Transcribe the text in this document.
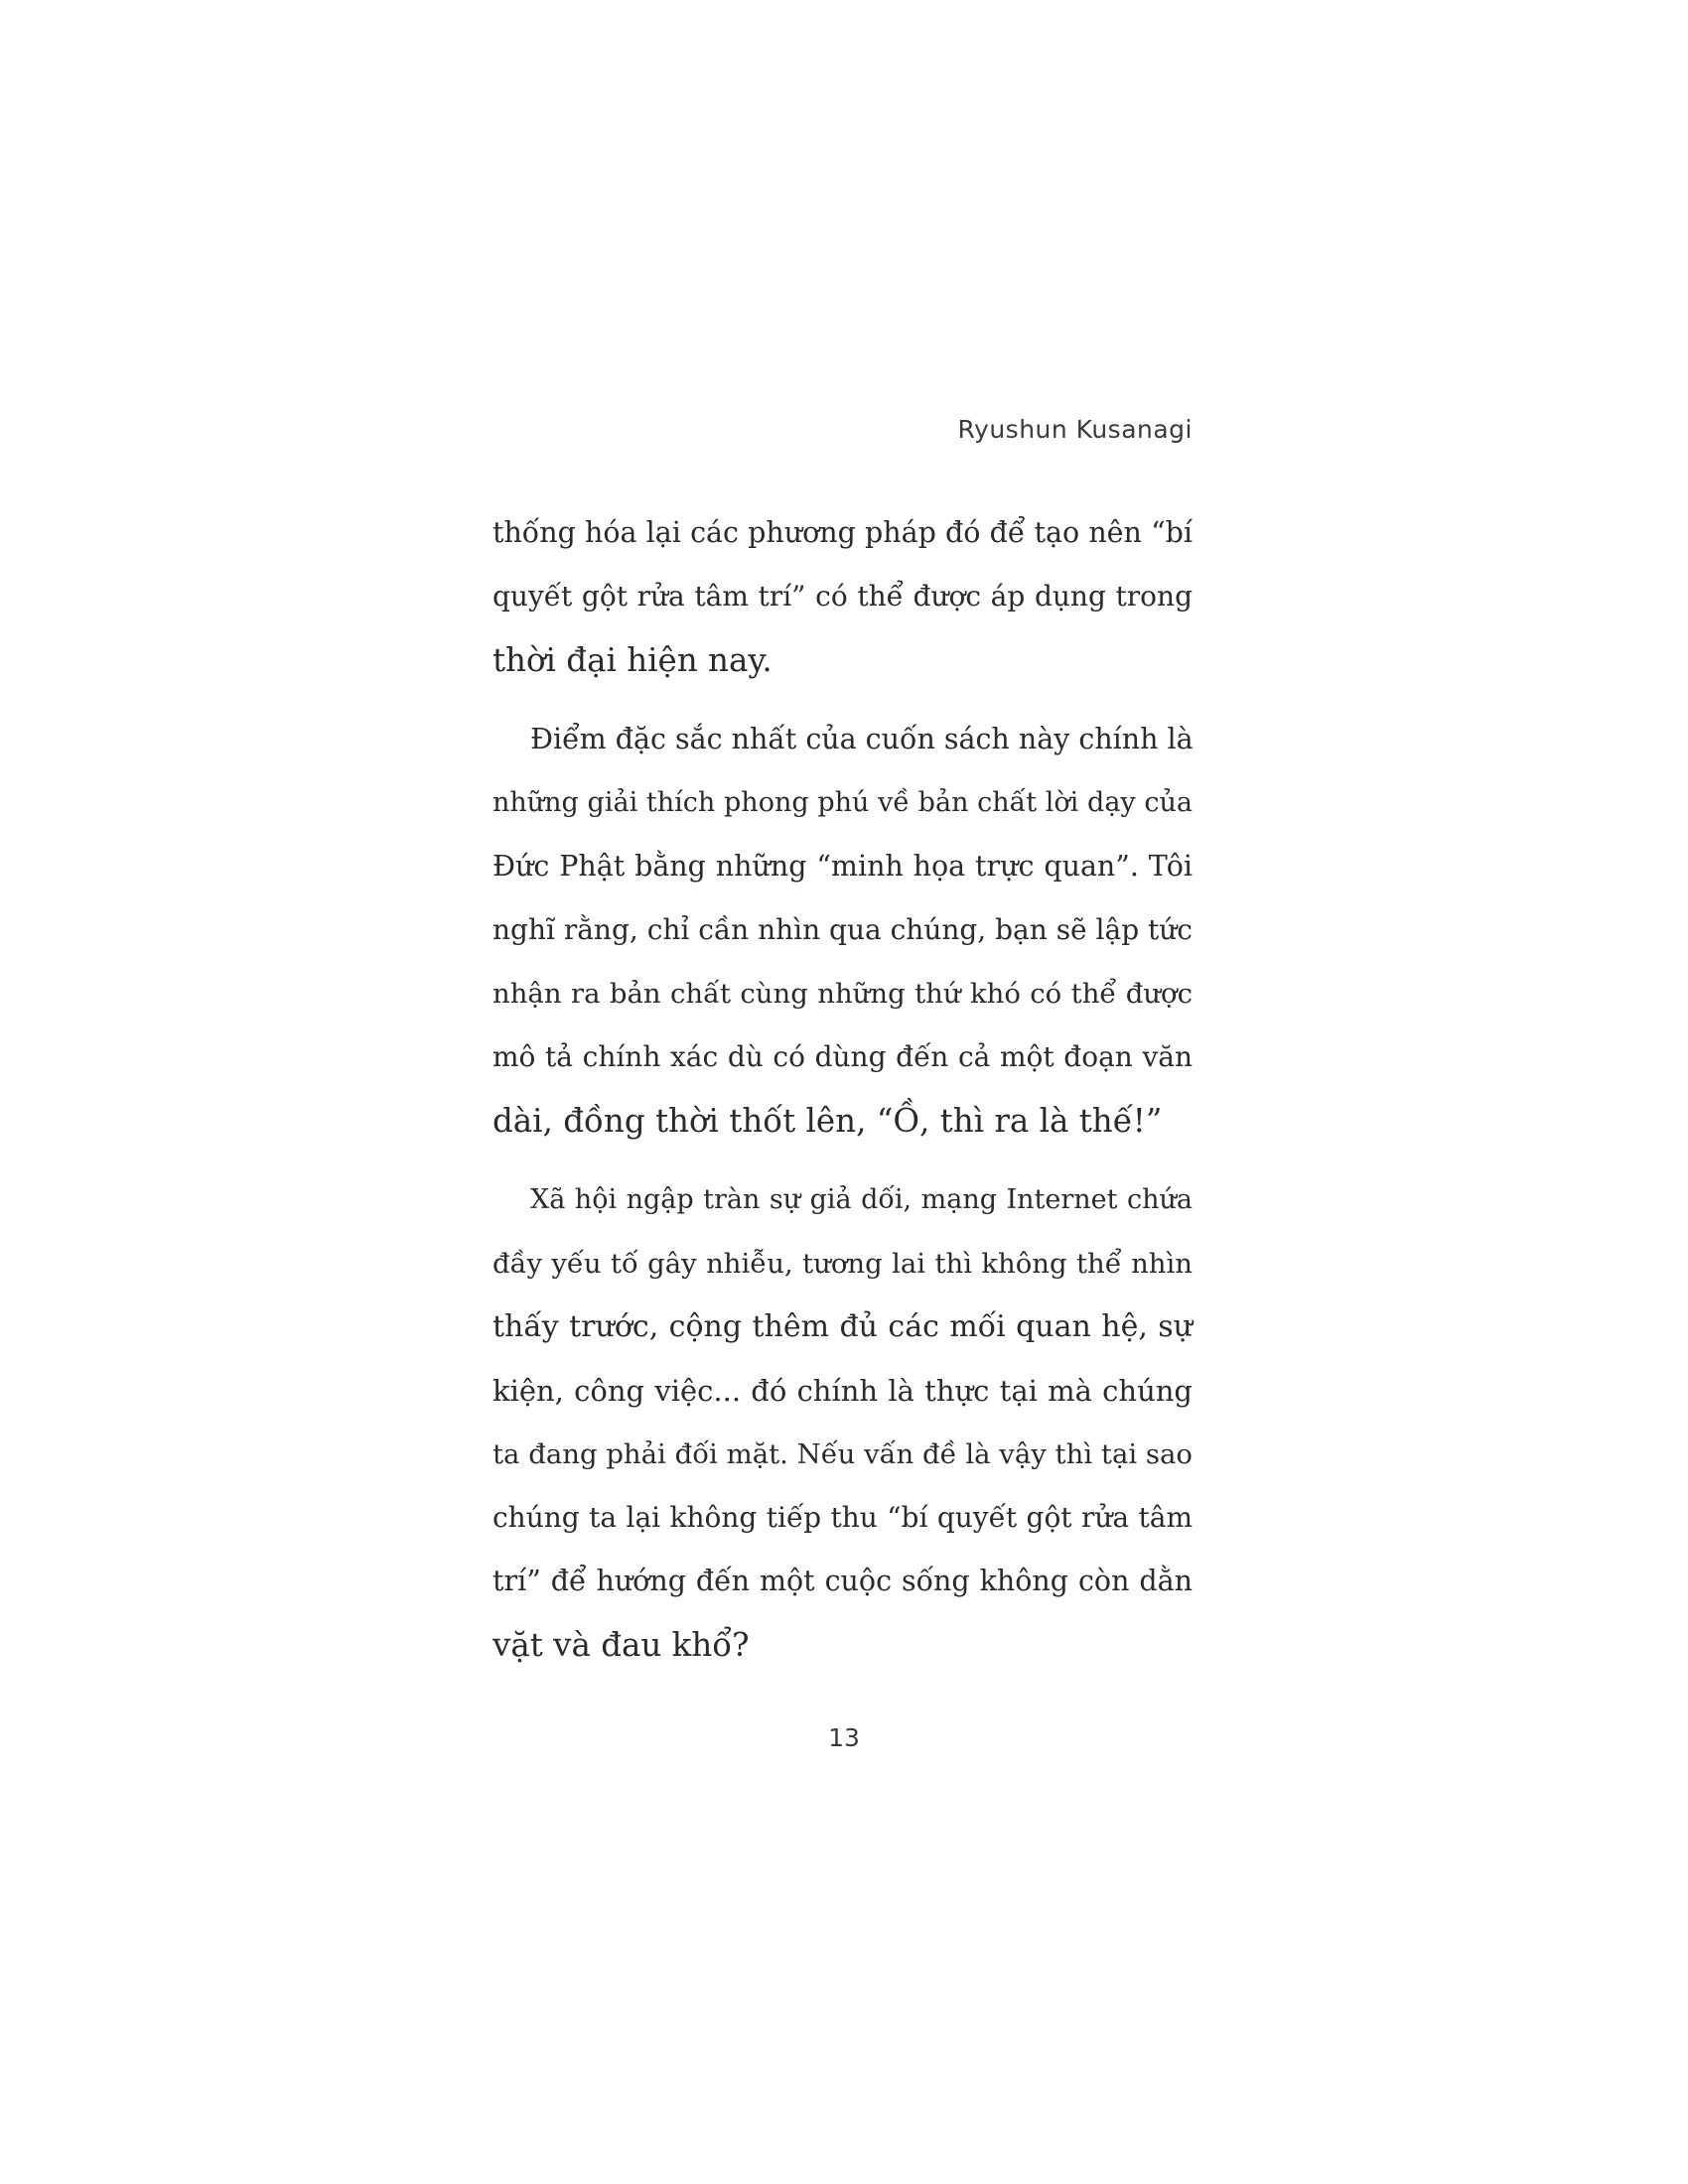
Ryushun Kusanagi
thống hóa lại các phương pháp đó để tạo nên “bí
quyết gột rửa tâm trí” có thể được áp dụng trong
thời đại hiện nay.
Điểm đặc sắc nhất của cuốn sách này chính là
những giải thích phong phú về bản chất lời dạy của
Đức Phật bằng những “minh họa trực quan”. Tôi
nghĩ rằng, chỉ cần nhìn qua chúng, bạn sẽ lập tức
nhận ra bản chất cùng những thứ khó có thể được
mô tả chính xác dù có dùng đến cả một đoạn văn
dài, đồng thời thốt lên, “Ồ, thì ra là thế!”
Xã hội ngập tràn sự giả dối, mạng Internet chứa
đầy yếu tố gây nhiễu, tương lai thì không thể nhìn
thấy trước, cộng thêm đủ các mối quan hệ, sự
kiện, công việc... đó chính là thực tại mà chúng
ta đang phải đối mặt. Nếu vấn đề là vậy thì tại sao
chúng ta lại không tiếp thu “bí quyết gột rửa tâm
trí” để hướng đến một cuộc sống không còn dằn
vặt và đau khổ?
13
